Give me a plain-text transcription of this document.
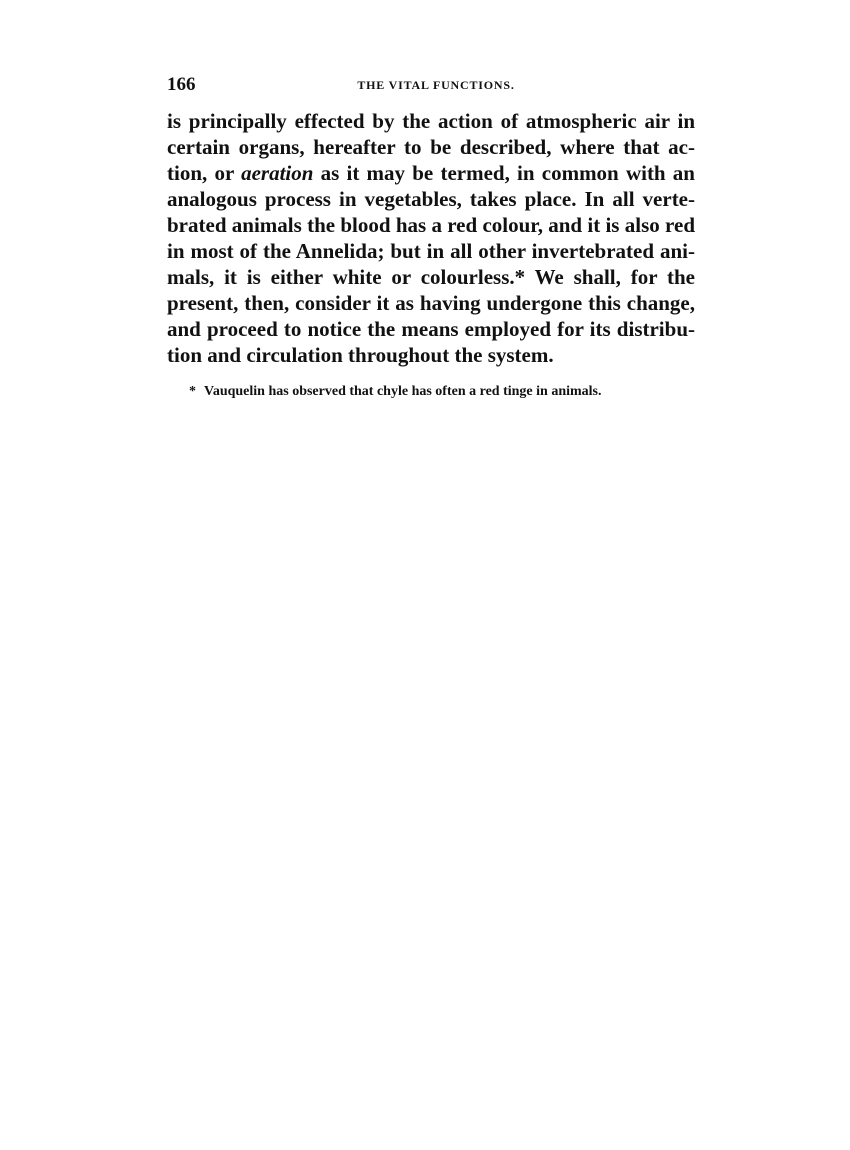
166	THE VITAL FUNCTIONS.
is principally effected by the action of atmospheric air in
certain organs, hereafter to be described, where that ac-
tion, or aeration as it may be termed, in common with an
analogous process in vegetables, takes place. In all verte-
brated animals the blood has a red colour, and it is also red
in most of the Annelida; but in all other invertebrated ani-
mals, it is either white or colourless.* We shall, for the
present, then, consider it as having undergone this change,
and proceed to notice the means employed for its distribu-
tion and circulation throughout the system.
* Vauquelin has observed that chyle has often a red tinge in animals.
